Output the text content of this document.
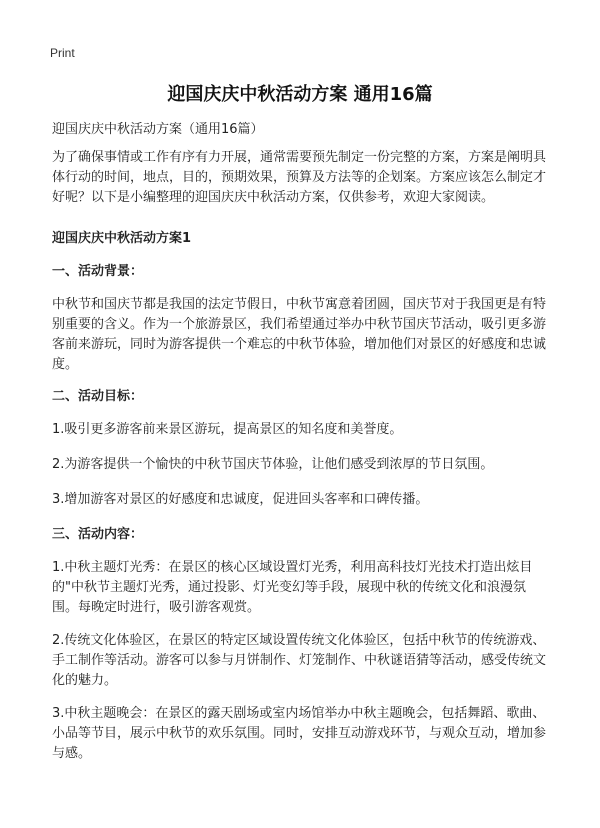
Print
迎国庆庆中秋活动方案 通用16篇

迎国庆庆中秋活动方案（通用16篇）

为了确保事情或工作有序有力开展，通常需要预先制定一份完整的方案，方案是阐明具体行动的时间，地点，目的，预期效果，预算及方法等的企划案。方案应该怎么制定才好呢？以下是小编整理的迎国庆庆中秋活动方案，仅供参考，欢迎大家阅读。

迎国庆庆中秋活动方案1

一、活动背景：

中秋节和国庆节都是我国的法定节假日，中秋节寓意着团圆，国庆节对于我国更是有特别重要的含义。作为一个旅游景区，我们希望通过举办中秋节国庆节活动，吸引更多游客前来游玩，同时为游客提供一个难忘的中秋节体验，增加他们对景区的好感度和忠诚度。

二、活动目标：

1.吸引更多游客前来景区游玩，提高景区的知名度和美誉度。

2.为游客提供一个愉快的中秋节国庆节体验，让他们感受到浓厚的节日氛围。

3.增加游客对景区的好感度和忠诚度，促进回头客率和口碑传播。

三、活动内容：

1.中秋主题灯光秀：在景区的核心区域设置灯光秀，利用高科技灯光技术打造出炫目的"中秋节主题灯光秀，通过投影、灯光变幻等手段，展现中秋的传统文化和浪漫氛围。每晚定时进行，吸引游客观赏。

2.传统文化体验区，在景区的特定区域设置传统文化体验区，包括中秋节的传统游戏、手工制作等活动。游客可以参与月饼制作、灯笼制作、中秋谜语猜等活动，感受传统文化的魅力。

3.中秋主题晚会：在景区的露天剧场或室内场馆举办中秋主题晚会，包括舞蹈、歌曲、小品等节目，展示中秋节的欢乐氛围。同时，安排互动游戏环节，与观众互动，增加参与感。
